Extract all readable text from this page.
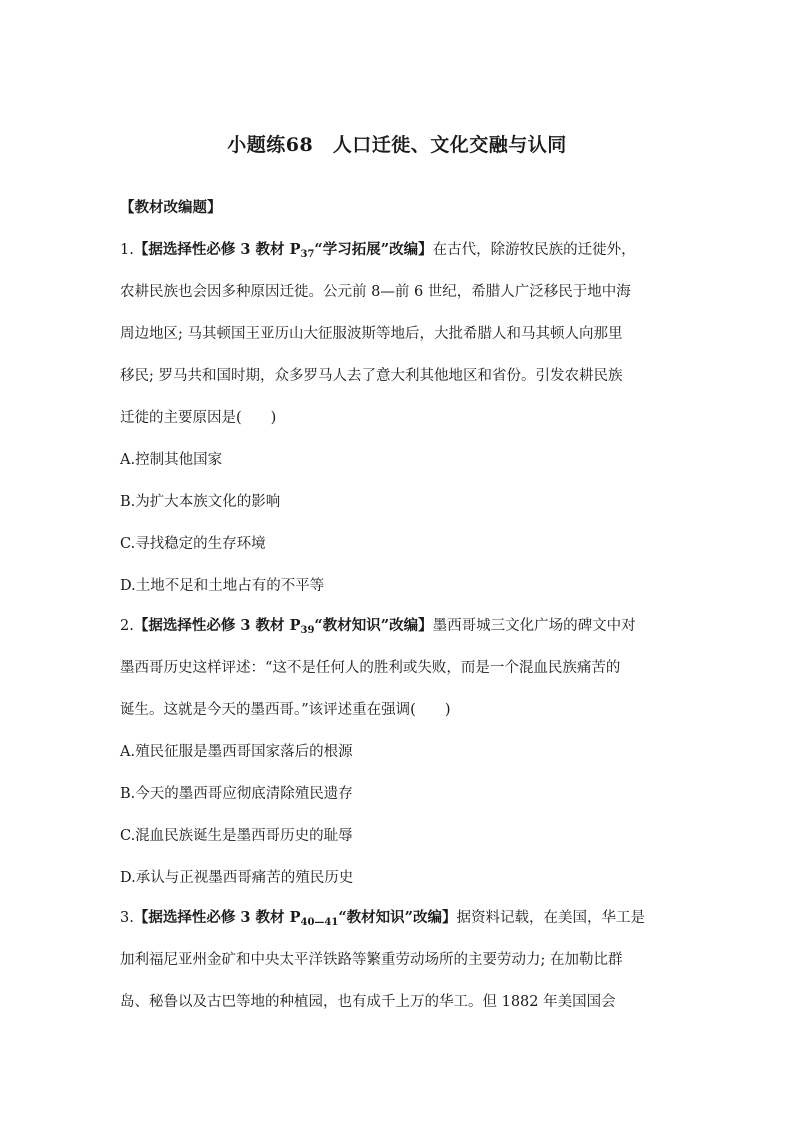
小题练68　人口迁徙、文化交融与认同
【教材改编题】
1.【据选择性必修 3 教材 $P_{37}“$学习拓展”改编】在古代，除游牧民族的迁徙外，
农耕民族也会因多种原因迁徙。公元前 8—前 6 世纪，希腊人广泛移民于地中海
周边地区; 马其顿国王亚历山大征服波斯等地后，大批希腊人和马其顿人向那里
移民; 罗马共和国时期，众多罗马人去了意大利其他地区和省份。引发农耕民族
迁徙的主要原因是(　　)
A.控制其他国家
B.为扩大本族文化的影响
C.寻找稳定的生存环境
D.土地不足和土地占有的不平等
2.【据选择性必修 3 教材 $P_{39}“$教材知识”改编】墨西哥城三文化广场的碑文中对
墨西哥历史这样评述：“这不是任何人的胜利或失败，而是一个混血民族痛苦的
诞生。这就是今天的墨西哥。”该评述重在强调(　　)
A.殖民征服是墨西哥国家落后的根源
B.今天的墨西哥应彻底清除殖民遗存
C.混血民族诞生是墨西哥历史的耻辱
D.承认与正视墨西哥痛苦的殖民历史
3.【据选择性必修 3 教材 $P_{40—41}“$教材知识”改编】据资料记载，在美国，华工是
加利福尼亚州金矿和中央太平洋铁路等繁重劳动场所的主要劳动力; 在加勒比群
岛、秘鲁以及古巴等地的种植园，也有成千上万的华工。但 1882 年美国国会
